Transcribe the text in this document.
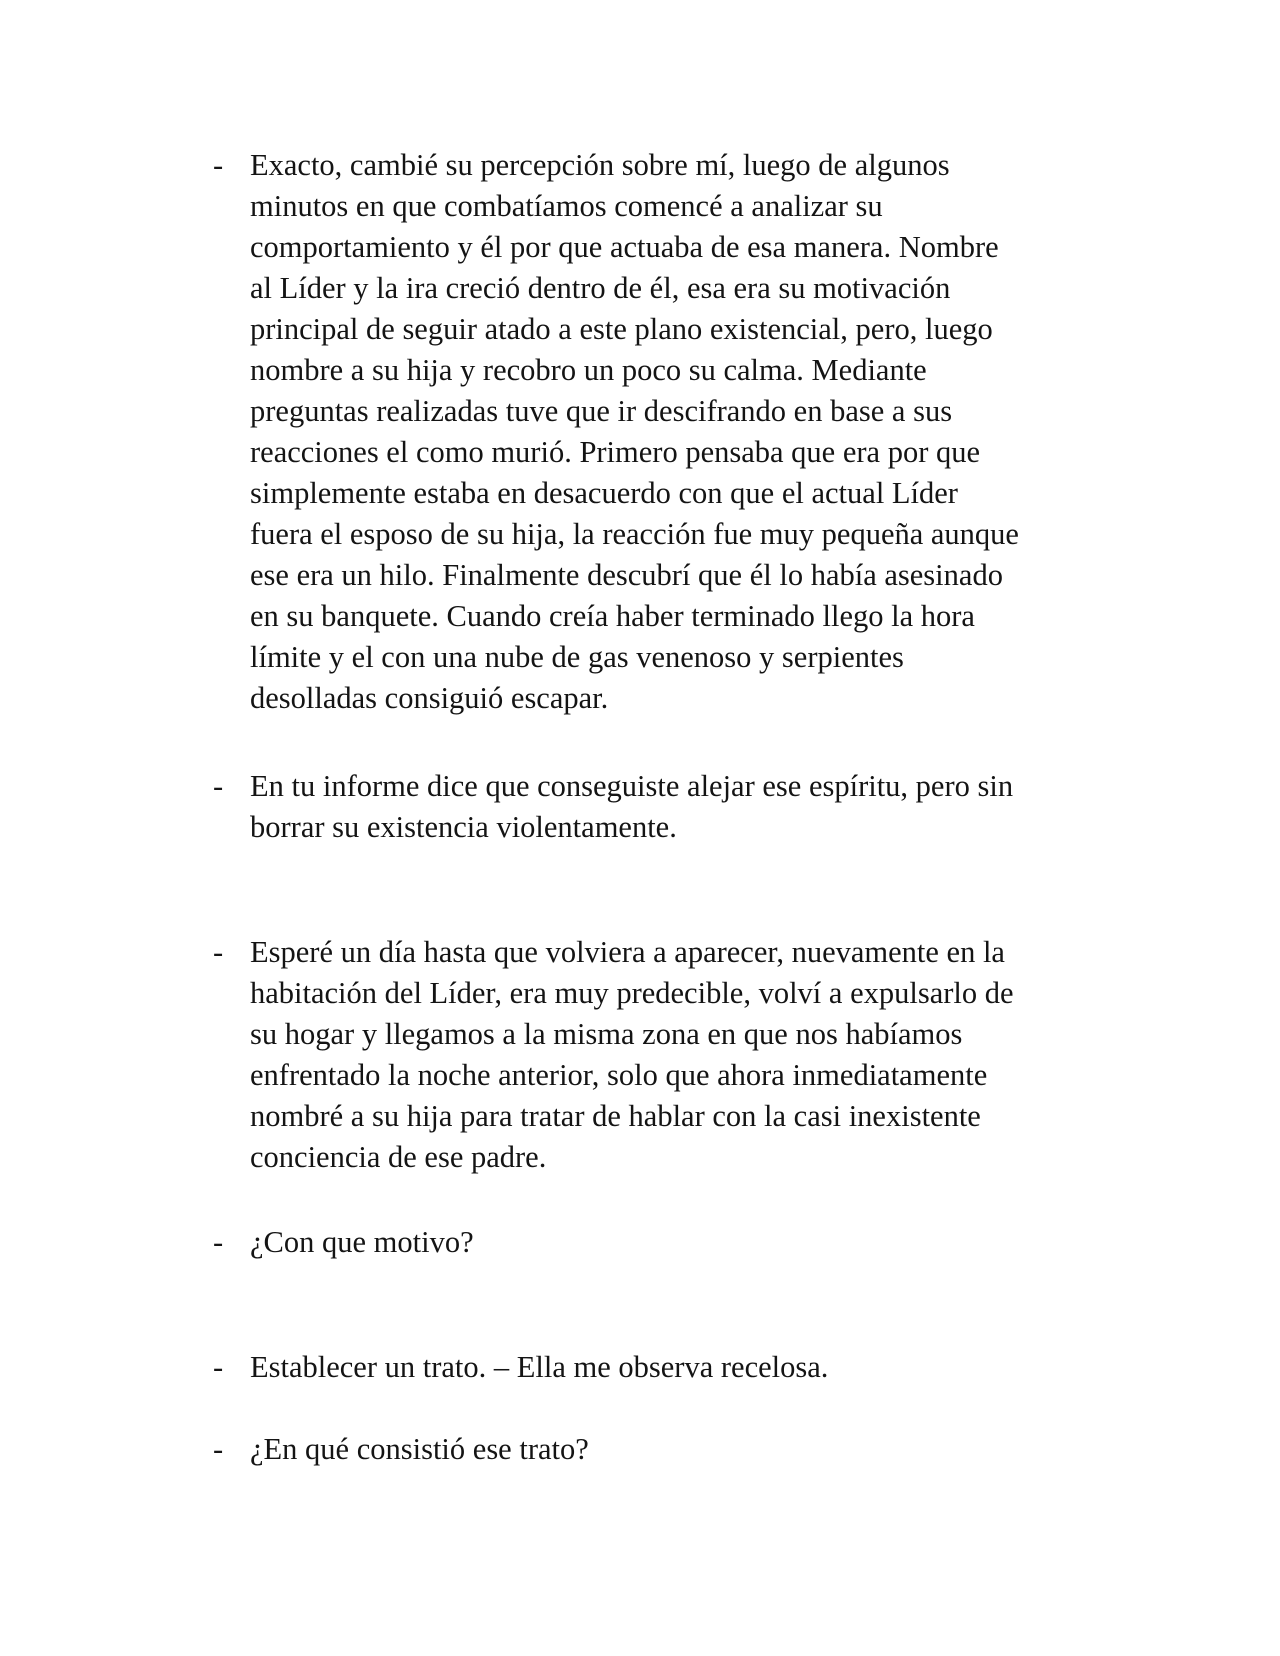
- Exacto, cambié su percepción sobre mí, luego de algunos
minutos en que combatíamos comencé a analizar su
comportamiento y él por que actuaba de esa manera. Nombre
al Líder y la ira creció dentro de él, esa era su motivación
principal de seguir atado a este plano existencial, pero, luego
nombre a su hija y recobro un poco su calma. Mediante
preguntas realizadas tuve que ir descifrando en base a sus
reacciones el como murió. Primero pensaba que era por que
simplemente estaba en desacuerdo con que el actual Líder
fuera el esposo de su hija, la reacción fue muy pequeña aunque
ese era un hilo. Finalmente descubrí que él lo había asesinado
en su banquete. Cuando creía haber terminado llego la hora
límite y el con una nube de gas venenoso y serpientes
desolladas consiguió escapar.
- En tu informe dice que conseguiste alejar ese espíritu, pero sin
borrar su existencia violentamente.
- Esperé un día hasta que volviera a aparecer, nuevamente en la
habitación del Líder, era muy predecible, volví a expulsarlo de
su hogar y llegamos a la misma zona en que nos habíamos
enfrentado la noche anterior, solo que ahora inmediatamente
nombré a su hija para tratar de hablar con la casi inexistente
conciencia de ese padre.
- ¿Con que motivo?
- Establecer un trato. – Ella me observa recelosa.
- ¿En qué consistió ese trato?
